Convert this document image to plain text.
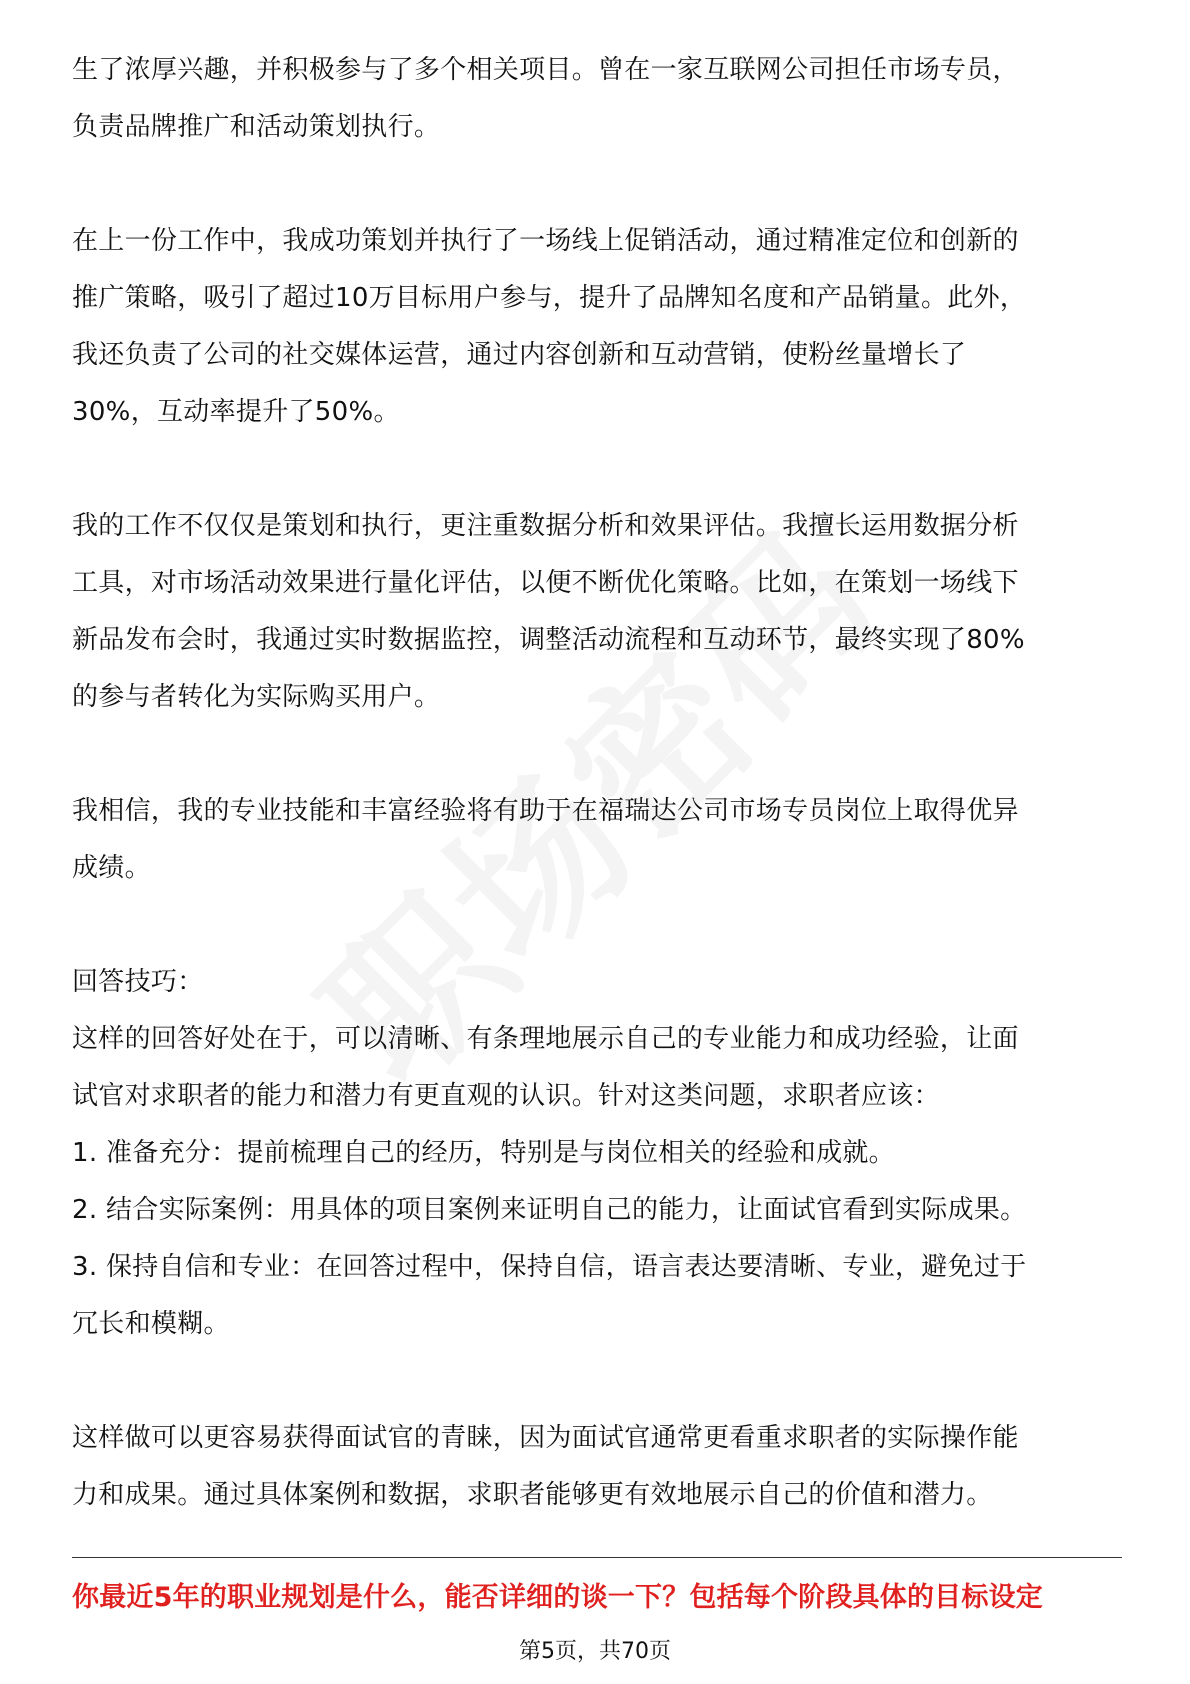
生了浓厚兴趣，并积极参与了多个相关项目。曾在一家互联网公司担任市场专员，
负责品牌推广和活动策划执行。

在上一份工作中，我成功策划并执行了一场线上促销活动，通过精准定位和创新的
推广策略，吸引了超过10万目标用户参与，提升了品牌知名度和产品销量。此外，
我还负责了公司的社交媒体运营，通过内容创新和互动营销，使粉丝量增长了
30%，互动率提升了50%。

我的工作不仅仅是策划和执行，更注重数据分析和效果评估。我擅长运用数据分析
工具，对市场活动效果进行量化评估，以便不断优化策略。比如，在策划一场线下
新品发布会时，我通过实时数据监控，调整活动流程和互动环节，最终实现了80%
的参与者转化为实际购买用户。

我相信，我的专业技能和丰富经验将有助于在福瑞达公司市场专员岗位上取得优异
成绩。

回答技巧：
这样的回答好处在于，可以清晰、有条理地展示自己的专业能力和成功经验，让面
试官对求职者的能力和潜力有更直观的认识。针对这类问题，求职者应该：
1. 准备充分：提前梳理自己的经历，特别是与岗位相关的经验和成就。
2. 结合实际案例：用具体的项目案例来证明自己的能力，让面试官看到实际成果。
3. 保持自信和专业：在回答过程中，保持自信，语言表达要清晰、专业，避免过于
冗长和模糊。

这样做可以更容易获得面试官的青睐，因为面试官通常更看重求职者的实际操作能
力和成果。通过具体案例和数据，求职者能够更有效地展示自己的价值和潜力。

你最近5年的职业规划是什么，能否详细的谈一下？包括每个阶段具体的目标设定
第5页，共70页
